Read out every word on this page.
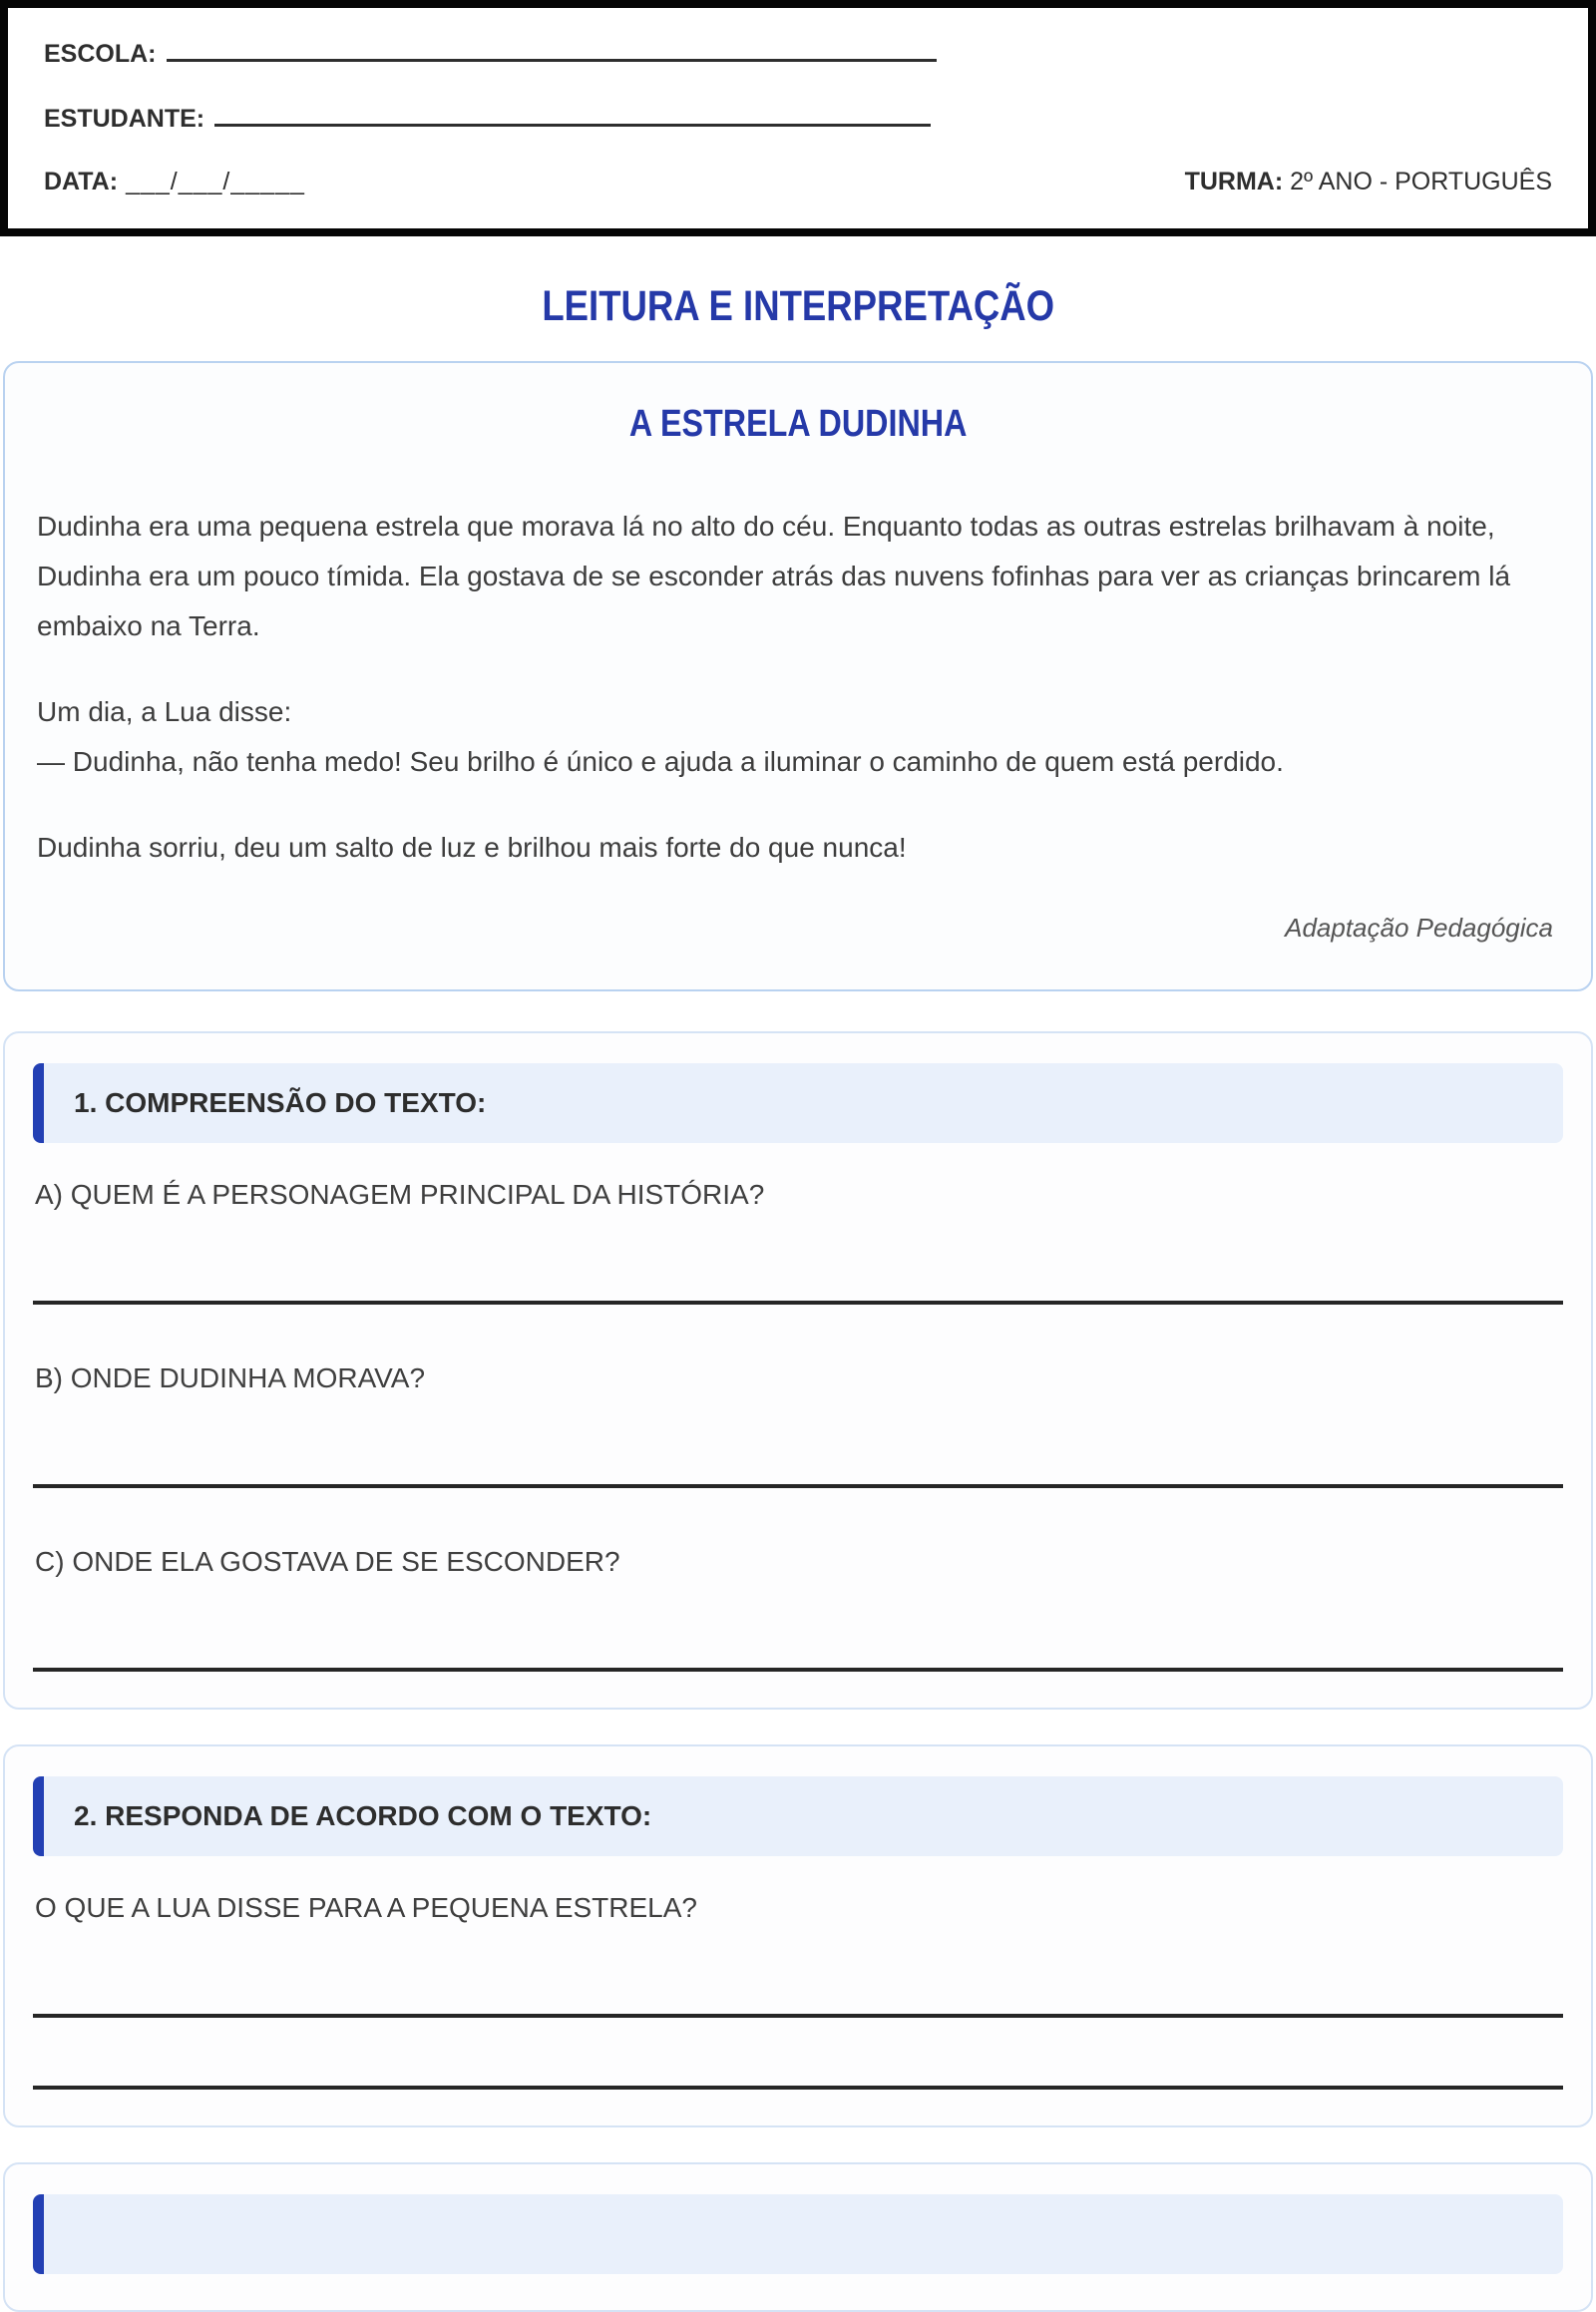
ESCOLA:
ESTUDANTE:
DATA: ___/___/_____	TURMA: 2º ANO - PORTUGUÊS
LEITURA E INTERPRETAÇÃO
A ESTRELA DUDINHA

Dudinha era uma pequena estrela que morava lá no alto do céu. Enquanto todas as outras estrelas brilhavam à noite, Dudinha era um pouco tímida. Ela gostava de se esconder atrás das nuvens fofinhas para ver as crianças brincarem lá embaixo na Terra.

Um dia, a Lua disse:
— Dudinha, não tenha medo! Seu brilho é único e ajuda a iluminar o caminho de quem está perdido.

Dudinha sorriu, deu um salto de luz e brilhou mais forte do que nunca!

Adaptação Pedagógica
1. COMPREENSÃO DO TEXTO:

A) QUEM É A PERSONAGEM PRINCIPAL DA HISTÓRIA?

B) ONDE DUDINHA MORAVA?

C) ONDE ELA GOSTAVA DE SE ESCONDER?

2. RESPONDA DE ACORDO COM O TEXTO:

O QUE A LUA DISSE PARA A PEQUENA ESTRELA?
